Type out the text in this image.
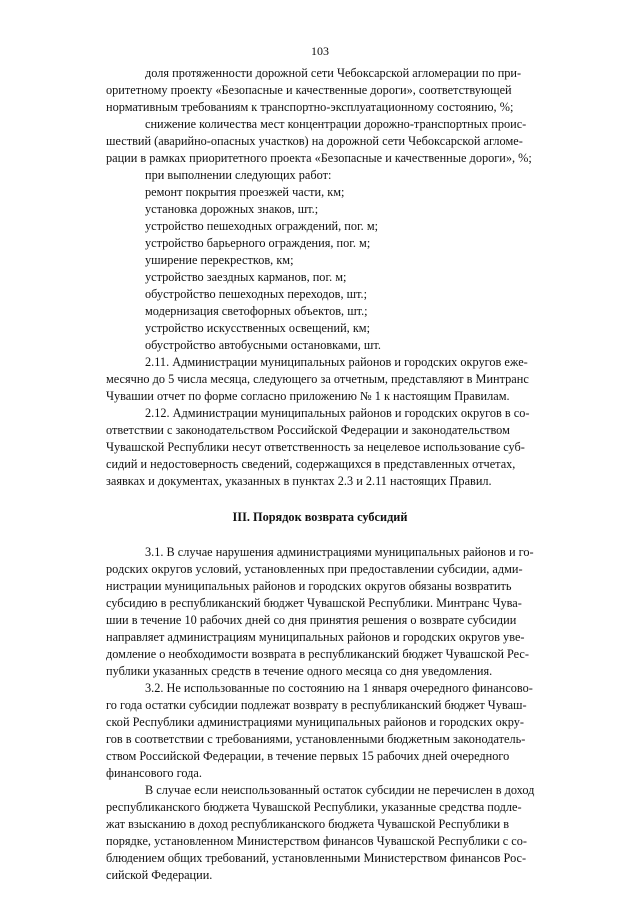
103
доля протяженности дорожной сети Чебоксарской агломерации по при-
оритетному проекту «Безопасные и качественные дороги», соответствующей
нормативным требованиям к транспортно-эксплуатационному состоянию, %;
снижение количества мест концентрации дорожно-транспортных проис-
шествий (аварийно-опасных участков) на дорожной сети Чебоксарской агломе-
рации в рамках приоритетного проекта «Безопасные и качественные дороги», %;
при выполнении следующих работ:
ремонт покрытия проезжей части, км;
установка дорожных знаков, шт.;
устройство пешеходных ограждений, пог. м;
устройство барьерного ограждения, пог. м;
уширение перекрестков, км;
устройство заездных карманов, пог. м;
обустройство пешеходных переходов, шт.;
модернизация светофорных объектов, шт.;
устройство искусственных освещений, км;
обустройство автобусными остановками, шт.
2.11. Администрации муниципальных районов и городских округов еже-
месячно до 5 числа месяца, следующего за отчетным, представляют в Минтранс
Чувашии отчет по форме согласно приложению № 1 к настоящим Правилам.
2.12. Администрации муниципальных районов и городских округов в со-
ответствии с законодательством Российской Федерации и законодательством
Чувашской Республики несут ответственность за нецелевое использование суб-
сидий и недостоверность сведений, содержащихся в представленных отчетах,
заявках и документах, указанных в пунктах 2.3 и 2.11 настоящих Правил.
III. Порядок возврата субсидий
3.1. В случае нарушения администрациями муниципальных районов и го-
родских округов условий, установленных при предоставлении субсидии, адми-
нистрации муниципальных районов и городских округов обязаны возвратить
субсидию в республиканский бюджет Чувашской Республики. Минтранс Чува-
шии в течение 10 рабочих дней со дня принятия решения о возврате субсидии
направляет администрациям муниципальных районов и городских округов уве-
домление о необходимости возврата в республиканский бюджет Чувашской Рес-
публики указанных средств в течение одного месяца со дня уведомления.
3.2. Не использованные по состоянию на 1 января очередного финансово-
го года остатки субсидии подлежат возврату в республиканский бюджет Чуваш-
ской Республики администрациями муниципальных районов и городских окру-
гов в соответствии с требованиями, установленными бюджетным законодатель-
ством Российской Федерации, в течение первых 15 рабочих дней очередного
финансового года.
В случае если неиспользованный остаток субсидии не перечислен в доход
республиканского бюджета Чувашской Республики, указанные средства подле-
жат взысканию в доход республиканского бюджета Чувашской Республики в
порядке, установленном Министерством финансов Чувашской Республики с со-
блюдением общих требований, установленными Министерством финансов Рос-
сийской Федерации.
